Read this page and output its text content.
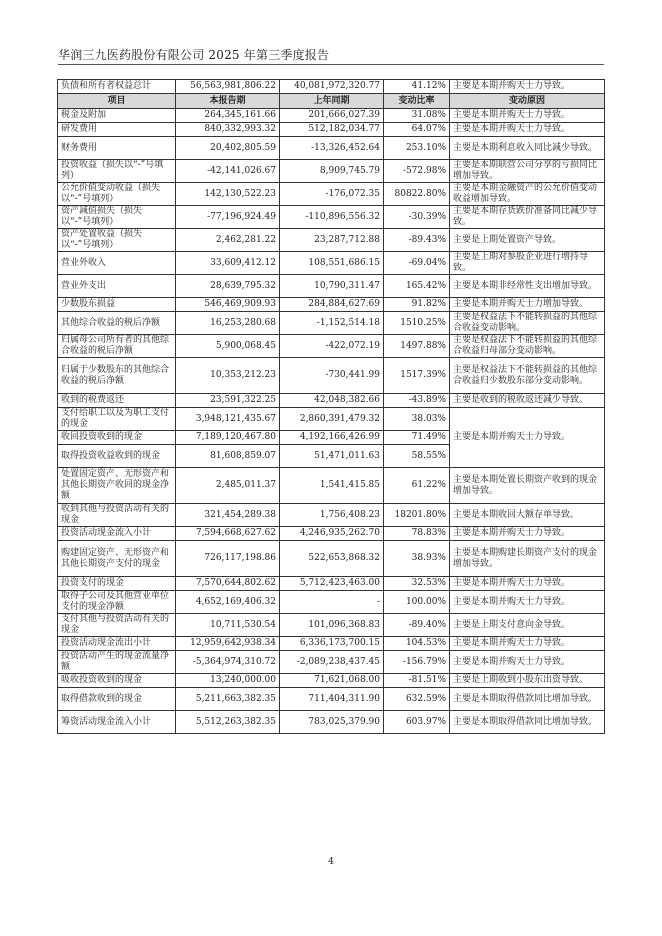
华润三九医药股份有限公司 2025 年第三季度报告
负债和所有者权益总计	56,563,981,806.22	40,081,972,320.77	41.12%	主要是本期并购天士力导致。
项目	本报告期	上年同期	变动比率	变动原因
税金及附加	264,345,161.66	201,666,027.39	31.08%	主要是本期并购天士力导致。
研发费用	840,332,993.32	512,182,034.77	64.07%	主要是本期并购天士力导致。
财务费用	20,402,805.59	-13,326,452.64	253.10%	主要是本期利息收入同比减少导致。
投资收益（损失以“-”号填列）	-42,141,026.67	8,909,745.79	-572.98%	主要是本期联营公司分享的亏损同比增加导致。
公允价值变动收益（损失以“-”号填列）	142,130,522.23	-176,072.35	80822.80%	主要是本期金融资产的公允价值变动收益增加导致。
资产减值损失（损失以“-”号填列）	-77,196,924.49	-110,896,556.32	-30.39%	主要是本期存货跌价准备同比减少导致。
资产处置收益（损失以“-”号填列）	2,462,281.22	23,287,712.88	-89.43%	主要是上期处置资产导致。
营业外收入	33,609,412.12	108,551,686.15	-69.04%	主要是上期对参股企业进行增持导致。
营业外支出	28,639,795.32	10,790,311.47	165.42%	主要是本期非经常性支出增加导致。
少数股东损益	546,469,909.93	284,884,627.69	91.82%	主要是本期并购天士力增加导致。
其他综合收益的税后净额	16,253,280.68	-1,152,514.18	1510.25%	主要是权益法下不能转损益的其他综合收益变动影响。
归属母公司所有者的其他综合收益的税后净额	5,900,068.45	-422,072.19	1497.88%	主要是权益法下不能转损益的其他综合收益归母部分变动影响。
归属于少数股东的其他综合收益的税后净额	10,353,212.23	-730,441.99	1517.39%	主要是权益法下不能转损益的其他综合收益归少数股东部分变动影响。
收到的税费返还	23,591,322.25	42,048,382.66	-43.89%	主要是收到的税收返还减少导致。
支付给职工以及为职工支付的现金	3,948,121,435.67	2,860,391,479.32	38.03%	主要是本期并购天士力导致。
收回投资收到的现金	7,189,120,467.80	4,192,166,426.99	71.49%	
取得投资收益收到的现金	81,608,859.07	51,471,011.63	58.55%	
处置固定资产、无形资产和其他长期资产收回的现金净额	2,485,011.37	1,541,415.85	61.22%	主要是本期处置长期资产收到的现金增加导致。
收到其他与投资活动有关的现金	321,454,289.38	1,756,408.23	18201.80%	主要是本期收回大额存单导致。
投资活动现金流入小计	7,594,668,627.62	4,246,935,262.70	78.83%	主要是本期并购天士力导致。
购建固定资产、无形资产和其他长期资产支付的现金	726,117,198.86	522,653,868.32	38.93%	主要是本期购建长期资产支付的现金增加导致。
投资支付的现金	7,570,644,802.62	5,712,423,463.00	32.53%	主要是本期并购天士力导致。
取得子公司及其他营业单位支付的现金净额	4,652,169,406.32	-	100.00%	主要是本期并购天士力导致。
支付其他与投资活动有关的现金	10,711,530.54	101,096,368.83	-89.40%	主要是上期支付意向金导致。
投资活动现金流出小计	12,959,642,938.34	6,336,173,700.15	104.53%	主要是本期并购天士力导致。
投资活动产生的现金流量净额	-5,364,974,310.72	-2,089,238,437.45	-156.79%	主要是本期并购天士力导致。
吸收投资收到的现金	13,240,000.00	71,621,068.00	-81.51%	主要是上期收到小股东出资导致。
取得借款收到的现金	5,211,663,382.35	711,404,311.90	632.59%	主要是本期取得借款同比增加导致。
筹资活动现金流入小计	5,512,263,382.35	783,025,379.90	603.97%	主要是本期取得借款同比增加导致。
4
